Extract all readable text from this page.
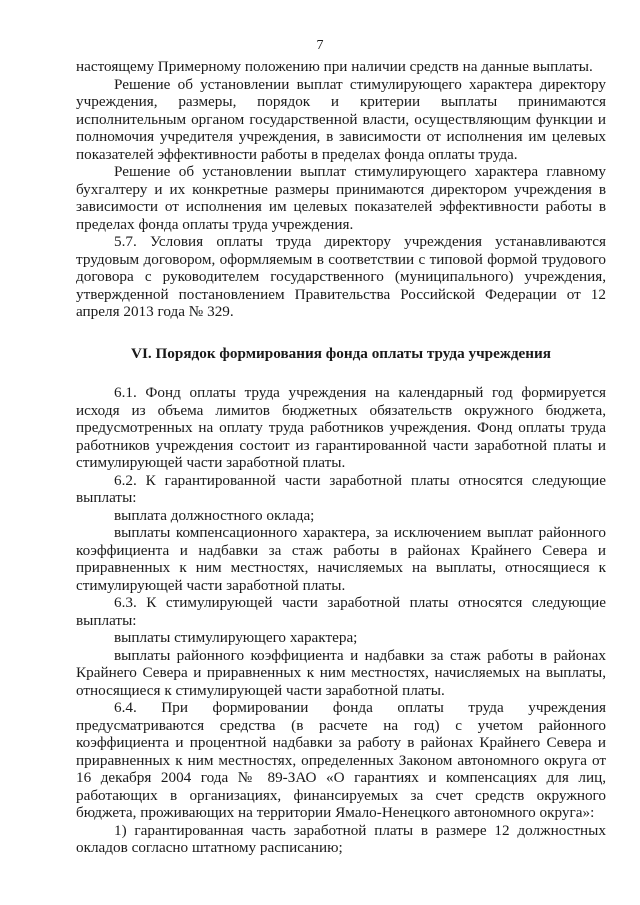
7

настоящему Примерному положению при наличии средств на данные выплаты.

Решение об установлении выплат стимулирующего характера директору учреждения, размеры, порядок и критерии выплаты принимаются исполнительным органом государственной власти, осуществляющим функции и полномочия учредителя учреждения, в зависимости от исполнения им целевых показателей эффективности работы в пределах фонда оплаты труда.

Решение об установлении выплат стимулирующего характера главному бухгалтеру и их конкретные размеры принимаются директором учреждения в зависимости от исполнения им целевых показателей эффективности работы в пределах фонда оплаты труда учреждения.

5.7. Условия оплаты труда директору учреждения устанавливаются трудовым договором, оформляемым в соответствии с типовой формой трудового договора с руководителем государственного (муниципального) учреждения, утвержденной постановлением Правительства Российской Федерации от 12 апреля 2013 года № 329.

VI. Порядок формирования фонда оплаты труда учреждения

6.1. Фонд оплаты труда учреждения на календарный год формируется исходя из объема лимитов бюджетных обязательств окружного бюджета, предусмотренных на оплату труда работников учреждения. Фонд оплаты труда работников учреждения состоит из гарантированной части заработной платы и стимулирующей части заработной платы.

6.2. К гарантированной части заработной платы относятся следующие выплаты:

выплата должностного оклада;

выплаты компенсационного характера, за исключением выплат районного коэффициента и надбавки за стаж работы в районах Крайнего Севера и приравненных к ним местностях, начисляемых на выплаты, относящиеся к стимулирующей части заработной платы.

6.3. К стимулирующей части заработной платы относятся следующие выплаты:

выплаты стимулирующего характера;

выплаты районного коэффициента и надбавки за стаж работы в районах Крайнего Севера и приравненных к ним местностях, начисляемых на выплаты, относящиеся к стимулирующей части заработной платы.

6.4. При формировании фонда оплаты труда учреждения предусматриваются средства (в расчете на год) с учетом районного коэффициента и процентной надбавки за работу в районах Крайнего Севера и приравненных к ним местностях, определенных Законом автономного округа от 16 декабря 2004 года № 89-ЗАО «О гарантиях и компенсациях для лиц, работающих в организациях, финансируемых за счет средств окружного бюджета, проживающих на территории Ямало-Ненецкого автономного округа»:

1) гарантированная часть заработной платы в размере 12 должностных окладов согласно штатному расписанию;
